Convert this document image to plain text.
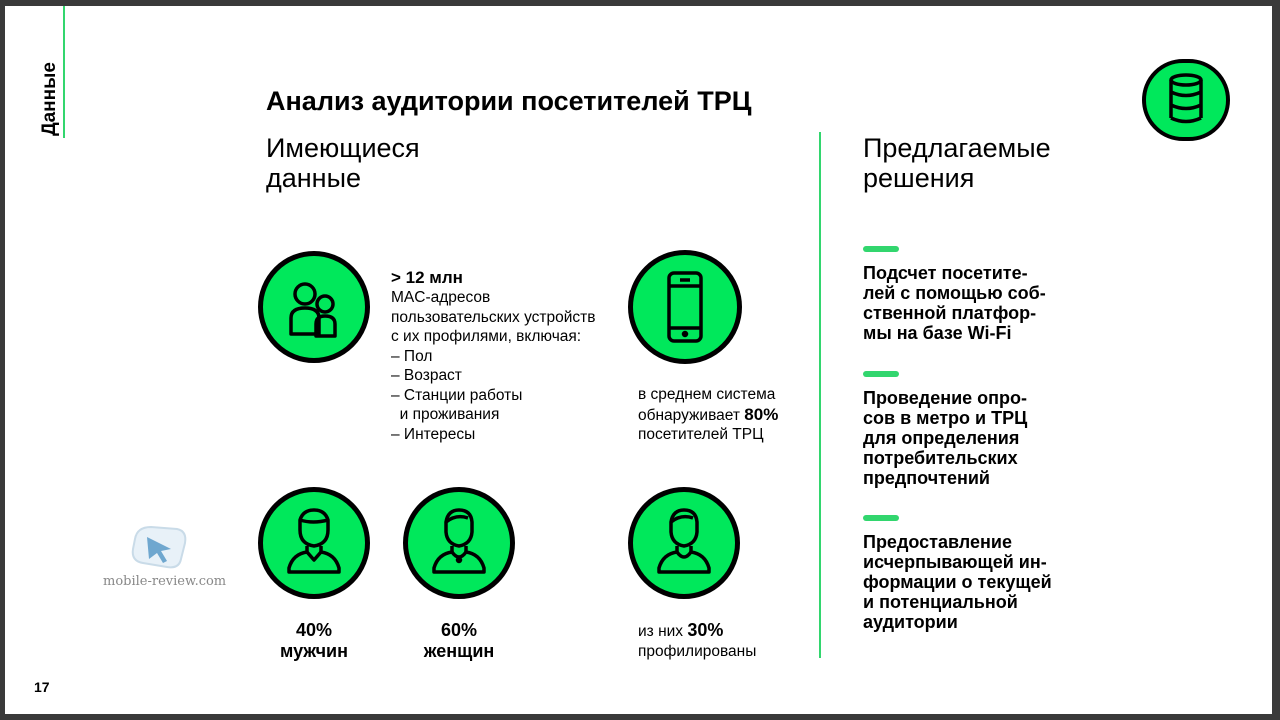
Данные	Анализ аудитории посетителей ТРЦ
Имеющиеся
данные
Предлагаемые
решения
> 12 млн
MAC-адресов
пользовательских устройств
с их профилями, включая:
– Пол
– Возраст
– Станции работы
и проживания
– Интересы
в среднем система
обнаруживает 80%
посетителей ТРЦ
40%
мужчин
60%
женщин
из них 30%
профилированы
Подсчет посетите-
лей с помощью соб-
ственной платфор-
мы на базе Wi-Fi
Проведение опро-
сов в метро и ТРЦ
для определения
потребительских
предпочтений
Предоставление
исчерпывающей ин-
формации о текущей
и потенциальной
аудитории
mobile-review.com
17
